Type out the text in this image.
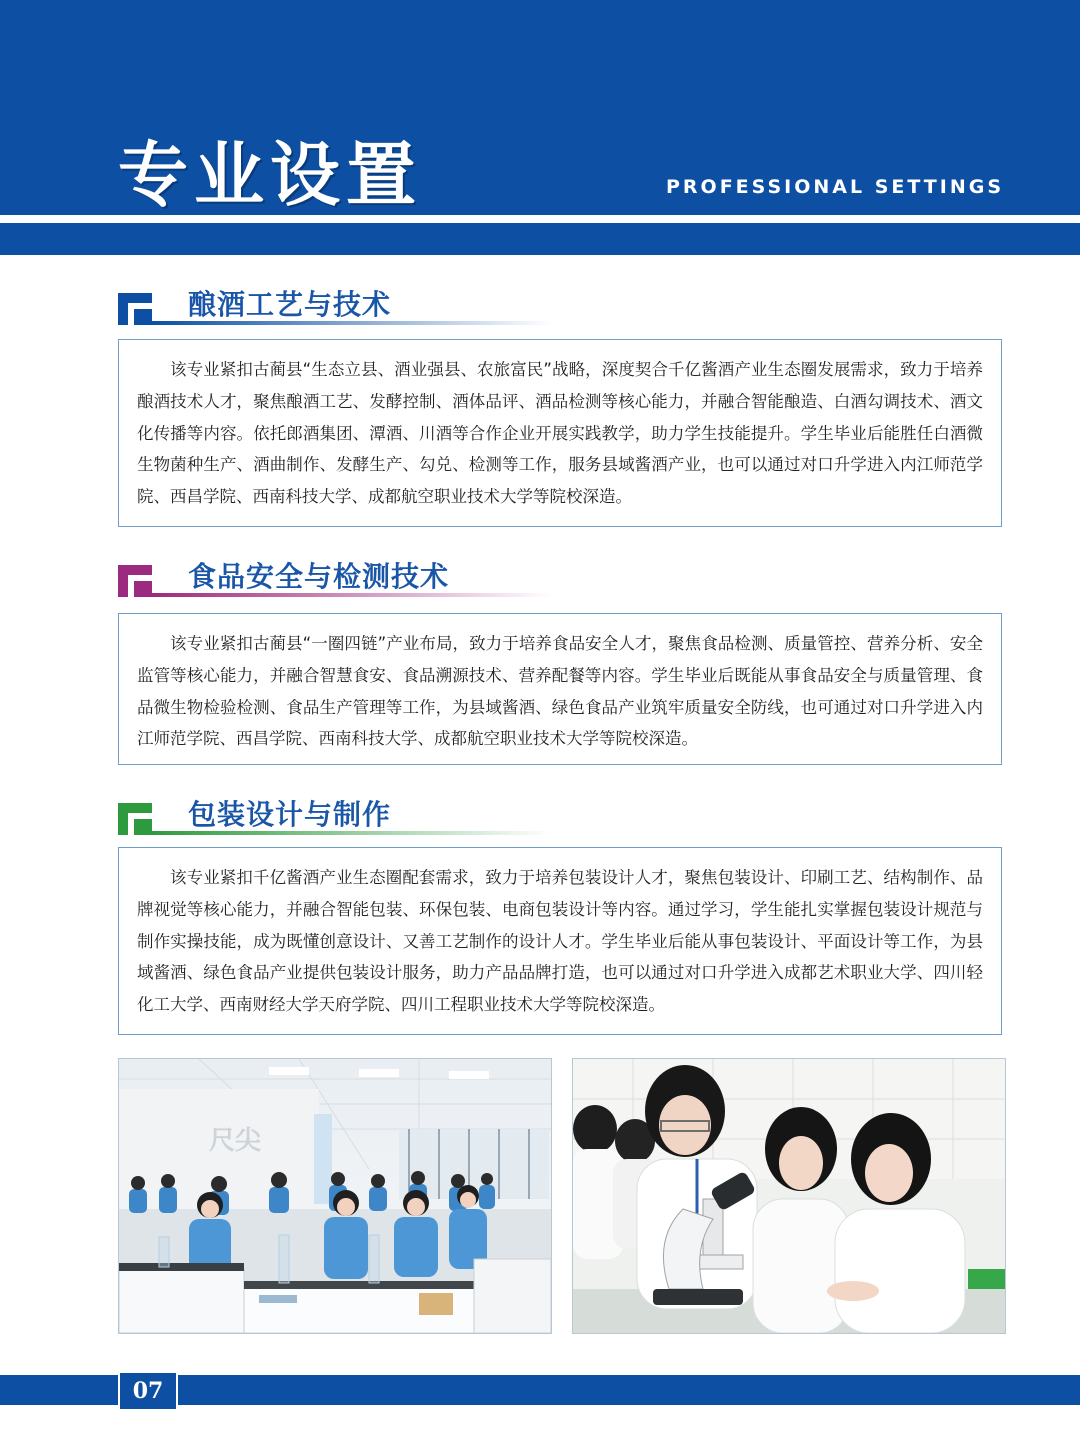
专业设置	PROFESSIONAL SETTINGS
酿酒工艺与技术

该专业紧扣古蔺县“生态立县、酒业强县、农旅富民”战略，深度契合千亿酱酒产业生态圈发展需求，致力于培养酿酒技术人才，聚焦酿酒工艺、发酵控制、酒体品评、酒品检测等核心能力，并融合智能酿造、白酒勾调技术、酒文化传播等内容。依托郎酒集团、潭酒、川酒等合作企业开展实践教学，助力学生技能提升。学生毕业后能胜任白酒微生物菌种生产、酒曲制作、发酵生产、勾兑、检测等工作，服务县域酱酒产业，也可以通过对口升学进入内江师范学院、西昌学院、西南科技大学、成都航空职业技术大学等院校深造。

食品安全与检测技术

该专业紧扣古蔺县“一圈四链”产业布局，致力于培养食品安全人才，聚焦食品检测、质量管控、营养分析、安全监管等核心能力，并融合智慧食安、食品溯源技术、营养配餐等内容。学生毕业后既能从事食品安全与质量管理、食品微生物检验检测、食品生产管理等工作，为县域酱酒、绿色食品产业筑牢质量安全防线，也可通过对口升学进入内江师范学院、西昌学院、西南科技大学、成都航空职业技术大学等院校深造。

包装设计与制作

该专业紧扣千亿酱酒产业生态圈配套需求，致力于培养包装设计人才，聚焦包装设计、印刷工艺、结构制作、品牌视觉等核心能力，并融合智能包装、环保包装、电商包装设计等内容。通过学习，学生能扎实掌握包装设计规范与制作实操技能，成为既懂创意设计、又善工艺制作的设计人才。学生毕业后能从事包装设计、平面设计等工作，为县域酱酒、绿色食品产业提供包装设计服务，助力产品品牌打造，也可以通过对口升学进入成都艺术职业大学、四川轻化工大学、西南财经大学天府学院、四川工程职业技术大学等院校深造。

尺尖
07
